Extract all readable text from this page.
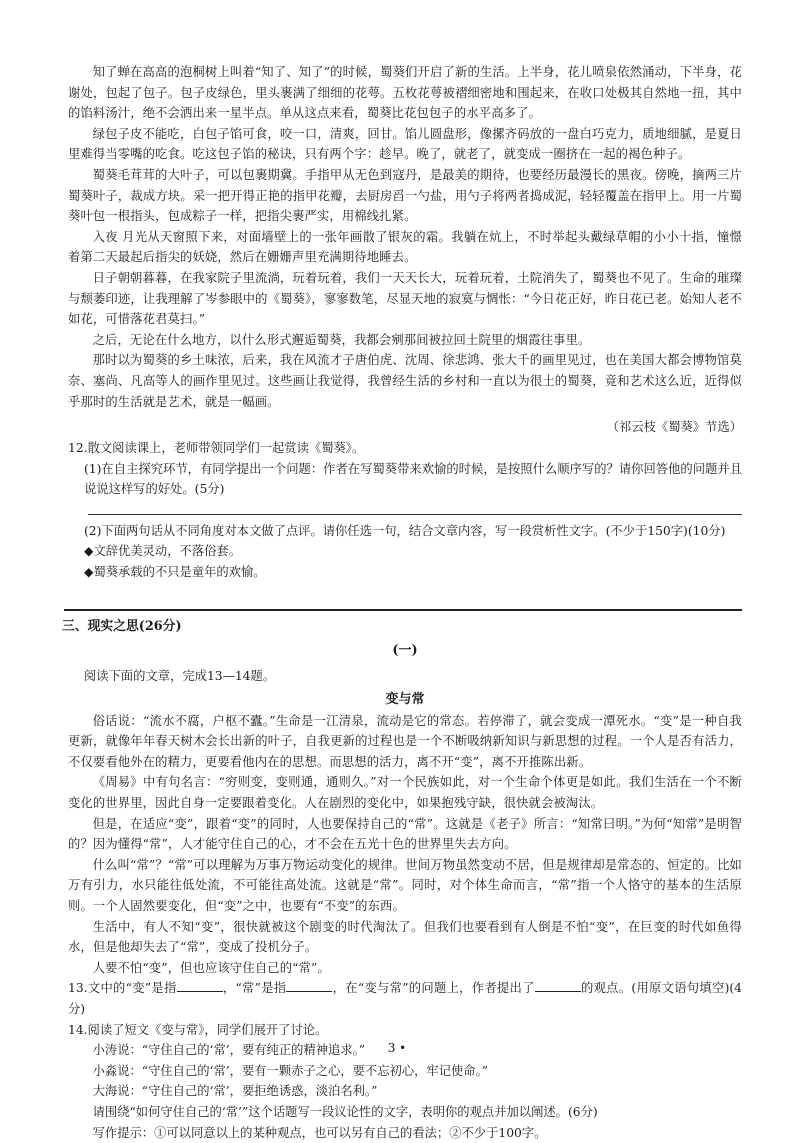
知了蝉在高高的泡桐树上叫着“知了、知了”的时候，蜀葵们开启了新的生活。上半身，花儿喷泉依然涌动，下半身，花谢处，包起了包子。包子皮绿色，里头裹满了细细的花萼。五枚花萼被褶细密地和围起来，在收口处极其自然地一扭，其中的馅料汤汁，绝不会洒出来一星半点。单从这点来看，蜀葵比花包包子的水平高多了。

绿包子皮不能吃，白包子馅可食，咬一口，清爽，回甘。馅儿圆盘形，像摞齐码放的一盘白巧克力，质地细腻，是夏日里难得当零嘴的吃食。吃这包子馅的秘诀，只有两个字：趁早。晚了，就老了，就变成一圈挤在一起的褐色种子。

蜀葵毛茸茸的大叶子，可以包裹期冀。手指甲从无色到寇丹，是最美的期待，也要经历最漫长的黑夜。傍晚，摘两三片蜀葵叶子，裁成方块。采一把开得正艳的指甲花瓣，去厨房舀一勺盐，用勺子将两者捣成泥，轻轻覆盖在指甲上。用一片蜀葵叶包一根指头，包成粽子一样，把指尖裹严实，用棉线扎紧。

入夜 月光从天窗照下来，对面墙壁上的一张年画散了银灰的霜。我躺在炕上，不时举起头戴绿草帽的小小十指，憧憬着第二天最起后指尖的妖娆，然后在姗姗声里充满期待地睡去。

日子朝朝暮暮，在我家院子里流淌，玩着玩着，我们一天天长大，玩着玩着，土院消失了，蜀葵也不见了。生命的璀璨与颓萎印迹，让我理解了岑参眼中的《蜀葵》，寥寥数笔，尽显天地的寂寞与惆怅：“今日花正好，昨日花已老。始知人老不如花，可惜落花君莫扫。”

之后，无论在什么地方，以什么形式邂逅蜀葵，我都会剜那间被拉回土院里的烟霞往事里。

那时以为蜀葵的乡土味浓，后来，我在风流才子唐伯虎、沈周、徐悲鸿、张大千的画里见过，也在美国大都会博物馆莫奈、塞尚、凡高等人的画作里见过。这些画让我觉得，我曾经生活的乡村和一直以为很土的蜀葵，竟和艺术这么近，近得似乎那时的生活就是艺术，就是一幅画。

（祁云枝《蜀葵》节选）

12.散文阅读课上，老师带领同学们一起赏读《蜀葵》。

(1)在自主探究环节，有同学提出一个问题：作者在写蜀葵带来欢愉的时候，是按照什么顺序写的？请你回答他的问题并且说说这样写的好处。(5分)

(2)下面两句话从不同角度对本文做了点评。请你任选一句，结合文章内容，写一段赏析性文字。(不少于150字)(10分)

◆文辞优美灵动，不落俗套。

◆蜀葵承载的不只是童年的欢愉。

三、现实之思(26分)

(一)

阅读下面的文章，完成13—14题。

变与常

俗话说：“流水不腐，户枢不蠹。”生命是一江清泉，流动是它的常态。若停滞了，就会变成一潭死水。“变”是一种自我更新，就像年年春天树木会长出新的叶子，自我更新的过程也是一个不断吸纳新知识与新思想的过程。一个人是否有活力，不仅要看他外在的精力，更要看他内在的思想。而思想的活力，离不开“变”，离不开推陈出新。

《周易》中有句名言：“穷则变，变则通，通则久。”对一个民族如此，对一个生命个体更是如此。我们生活在一个不断变化的世界里，因此自身一定要跟着变化。人在剧烈的变化中，如果抱残守缺，很快就会被淘汰。

但是，在适应“变”，跟着“变”的同时，人也要保持自己的“常”。这就是《老子》所言：“知常曰明。”为何“知常”是明智的？因为懂得“常”，人才能守住自己的心，才不会在五光十色的世界里失去方向。

什么叫“常”？“常”可以理解为万事万物运动变化的规律。世间万物虽然变动不居，但是规律却是常态的、恒定的。比如万有引力，水只能往低处流，不可能往高处流。这就是“常”。同时，对个体生命而言，“常”指一个人恪守的基本的生活原则。一个人固然要变化，但“变”之中，也要有“不变”的东西。

生活中，有人不知“变”，很快就被这个剧变的时代淘汰了。但我们也要看到有人倒是不怕“变”，在巨变的时代如鱼得水，但是他却失去了“常”，变成了投机分子。

人要不怕“变”，但也应该守住自己的“常”。

13.文中的“变”是指	，“常”是指	，在“变与常”的问题上，作者提出了	的观点。(用原文语句填空)(4分)

14.阅读了短文《变与常》，同学们展开了讨论。

小涛说：“守住自己的‘常’，要有纯正的精神追求。”

小淼说：“守住自己的‘常’，要有一颗赤子之心，要不忘初心，牢记使命。”

大海说：“守住自己的‘常’，要拒绝诱惑，淡泊名利。”

请围绕“如何守住自己的‘常’”这个话题写一段议论性的文字，表明你的观点并加以阐述。(6分)

写作提示：①可以同意以上的某种观点，也可以另有自己的看法；②不少于100字。

3 •
